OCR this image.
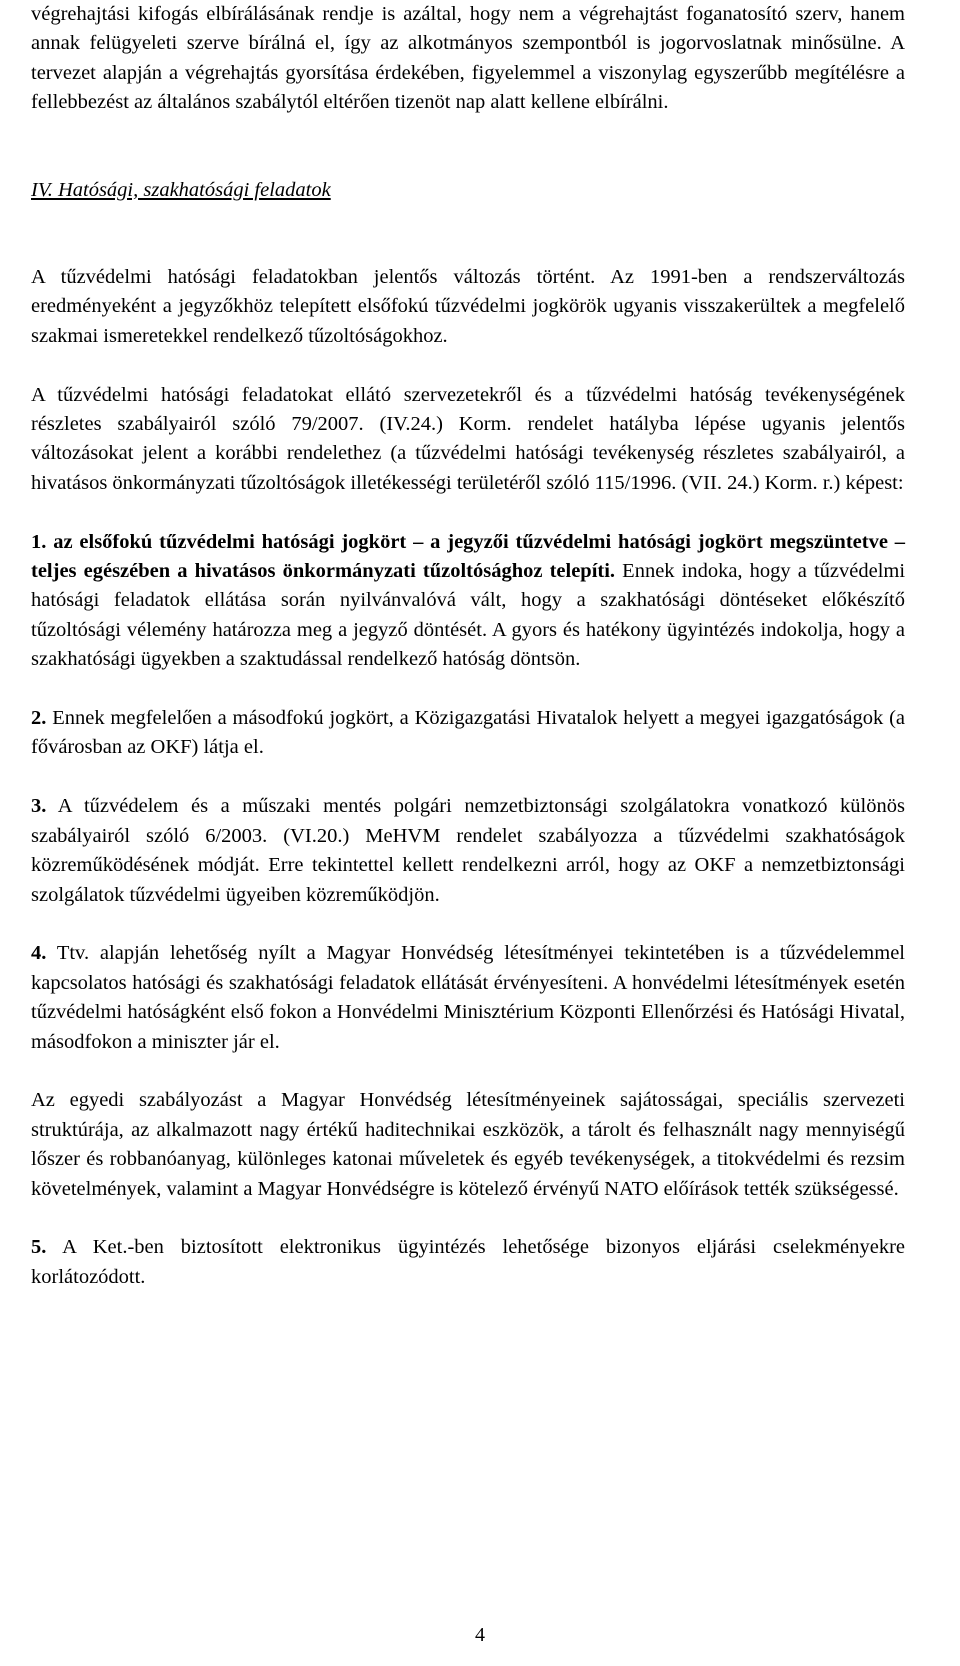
végrehajtási kifogás elbírálásának rendje is azáltal, hogy nem a végrehajtást foganatosító szerv, hanem annak felügyeleti szerve bírálná el, így az alkotmányos szempontból is jogorvoslatnak minősülne. A tervezet alapján a végrehajtás gyorsítása érdekében, figyelemmel a viszonylag egyszerűbb megítélésre a fellebbezést az általános szabálytól eltérően tizenöt nap alatt kellene elbírálni.

IV. Hatósági, szakhatósági feladatok

A tűzvédelmi hatósági feladatokban jelentős változás történt. Az 1991-ben a rendszerváltozás eredményeként a jegyzőkhöz telepített elsőfokú tűzvédelmi jogkörök ugyanis visszakerültek a megfelelő szakmai ismeretekkel rendelkező tűzoltóságokhoz.

A tűzvédelmi hatósági feladatokat ellátó szervezetekről és a tűzvédelmi hatóság tevékenységének részletes szabályairól szóló 79/2007. (IV.24.) Korm. rendelet hatályba lépése ugyanis jelentős változásokat jelent a korábbi rendelethez (a tűzvédelmi hatósági tevékenység részletes szabályairól, a hivatásos önkormányzati tűzoltóságok illetékességi területéről szóló 115/1996. (VII. 24.) Korm. r.) képest:

1. az elsőfokú tűzvédelmi hatósági jogkört – a jegyzői tűzvédelmi hatósági jogkört megszüntetve – teljes egészében a hivatásos önkormányzati tűzoltósághoz telepíti. Ennek indoka, hogy a tűzvédelmi hatósági feladatok ellátása során nyilvánvalóvá vált, hogy a szakhatósági döntéseket előkészítő tűzoltósági vélemény határozza meg a jegyző döntését. A gyors és hatékony ügyintézés indokolja, hogy a szakhatósági ügyekben a szaktudással rendelkező hatóság döntsön.

2. Ennek megfelelően a másodfokú jogkört, a Közigazgatási Hivatalok helyett a megyei igazgatóságok (a fővárosban az OKF) látja el.

3. A tűzvédelem és a műszaki mentés polgári nemzetbiztonsági szolgálatokra vonatkozó különös szabályairól szóló 6/2003. (VI.20.) MeHVM rendelet szabályozza a tűzvédelmi szakhatóságok közreműködésének módját. Erre tekintettel kellett rendelkezni arról, hogy az OKF a nemzetbiztonsági szolgálatok tűzvédelmi ügyeiben közreműködjön.

4. Ttv. alapján lehetőség nyílt a Magyar Honvédség létesítményei tekintetében is a tűzvédelemmel kapcsolatos hatósági és szakhatósági feladatok ellátását érvényesíteni. A honvédelmi létesítmények esetén tűzvédelmi hatóságként első fokon a Honvédelmi Minisztérium Központi Ellenőrzési és Hatósági Hivatal, másodfokon a miniszter jár el.

Az egyedi szabályozást a Magyar Honvédség létesítményeinek sajátosságai, speciális szervezeti struktúrája, az alkalmazott nagy értékű haditechnikai eszközök, a tárolt és felhasznált nagy mennyiségű lőszer és robbanóanyag, különleges katonai műveletek és egyéb tevékenységek, a titokvédelmi és rezsim követelmények, valamint a Magyar Honvédségre is kötelező érvényű NATO előírások tették szükségessé.

5. A Ket.-ben biztosított elektronikus ügyintézés lehetősége bizonyos eljárási cselekményekre korlátozódott.

4
